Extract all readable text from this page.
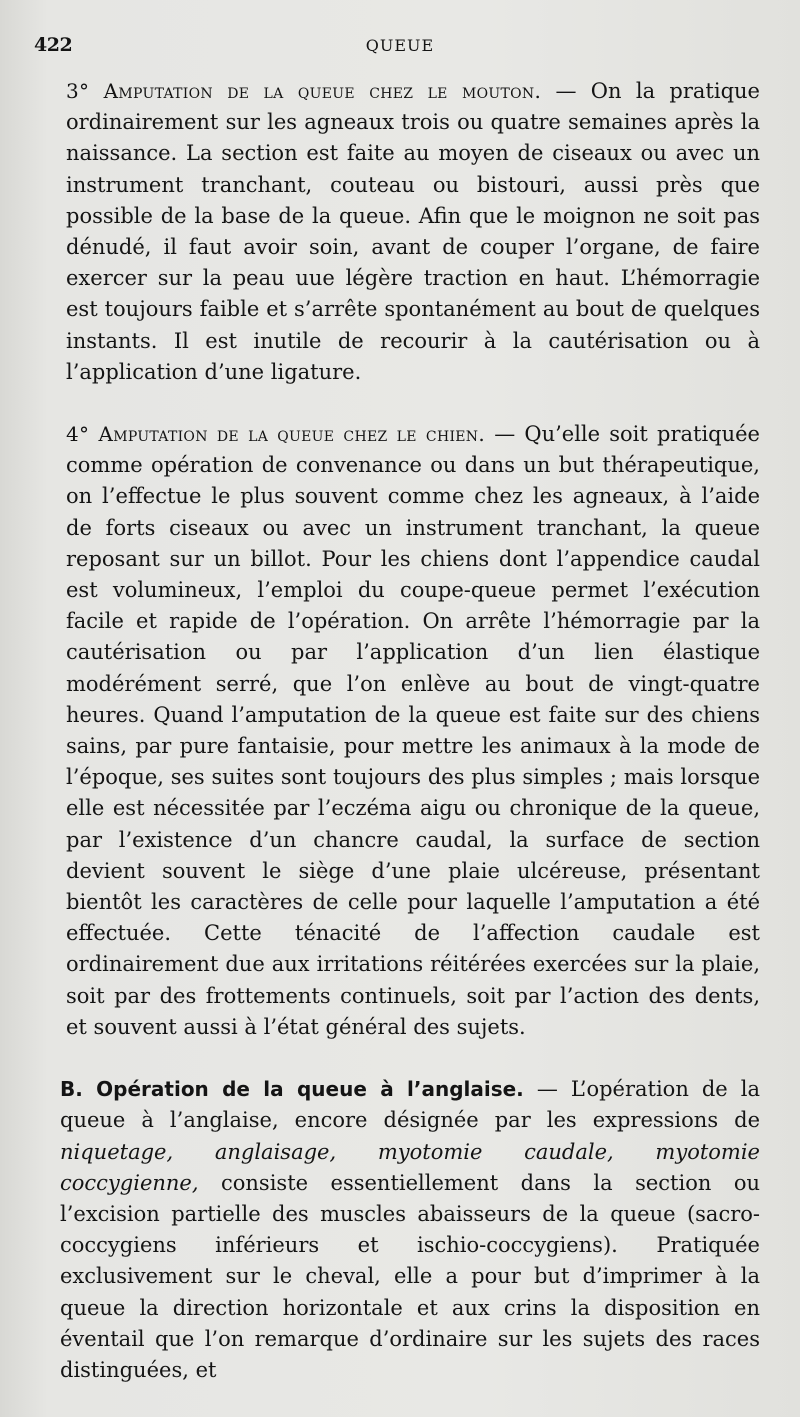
422	QUEUE

3° Amputation de la queue chez le mouton. — On la pratique ordinairement sur les agneaux trois ou quatre semaines après la naissance. La section est faite au moyen de ciseaux ou avec un instrument tranchant, couteau ou bistouri, aussi près que possible de la base de la queue. Afin que le moignon ne soit pas dénudé, il faut avoir soin, avant de couper l’organe, de faire exercer sur la peau uue légère traction en haut. L’hémorragie est toujours faible et s’arrête spontanément au bout de quelques instants. Il est inutile de recourir à la cautérisation ou à l’application d’une ligature.

4° Amputation de la queue chez le chien. — Qu’elle soit pratiquée comme opération de convenance ou dans un but thérapeutique, on l’effectue le plus souvent comme chez les agneaux, à l’aide de forts ciseaux ou avec un instrument tranchant, la queue reposant sur un billot. Pour les chiens dont l’appendice caudal est volumineux, l’emploi du coupe-queue permet l’exécution facile et rapide de l’opération. On arrête l’hémorragie par la cautérisation ou par l’application d’un lien élastique modérément serré, que l’on enlève au bout de vingt-quatre heures. Quand l’amputation de la queue est faite sur des chiens sains, par pure fantaisie, pour mettre les animaux à la mode de l’époque, ses suites sont toujours des plus simples ; mais lorsque elle est nécessitée par l’eczéma aigu ou chronique de la queue, par l’existence d’un chancre caudal, la surface de section devient souvent le siège d’une plaie ulcéreuse, présentant bientôt les caractères de celle pour laquelle l’amputation a été effectuée. Cette ténacité de l’affection caudale est ordinairement due aux irritations réitérées exercées sur la plaie, soit par des frottements continuels, soit par l’action des dents, et souvent aussi à l’état général des sujets.

B. Opération de la queue à l’anglaise. — L’opération de la queue à l’anglaise, encore désignée par les expressions de niquetage, anglaisage, myotomie caudale, myotomie coccygienne, consiste essentiellement dans la section ou l’excision partielle des muscles abaisseurs de la queue (sacro-coccygiens inférieurs et ischio-coccygiens). Pratiquée exclusivement sur le cheval, elle a pour but d’imprimer à la queue la direction horizontale et aux crins la disposition en éventail que l’on remarque d’ordinaire sur les sujets des races distinguées, et
